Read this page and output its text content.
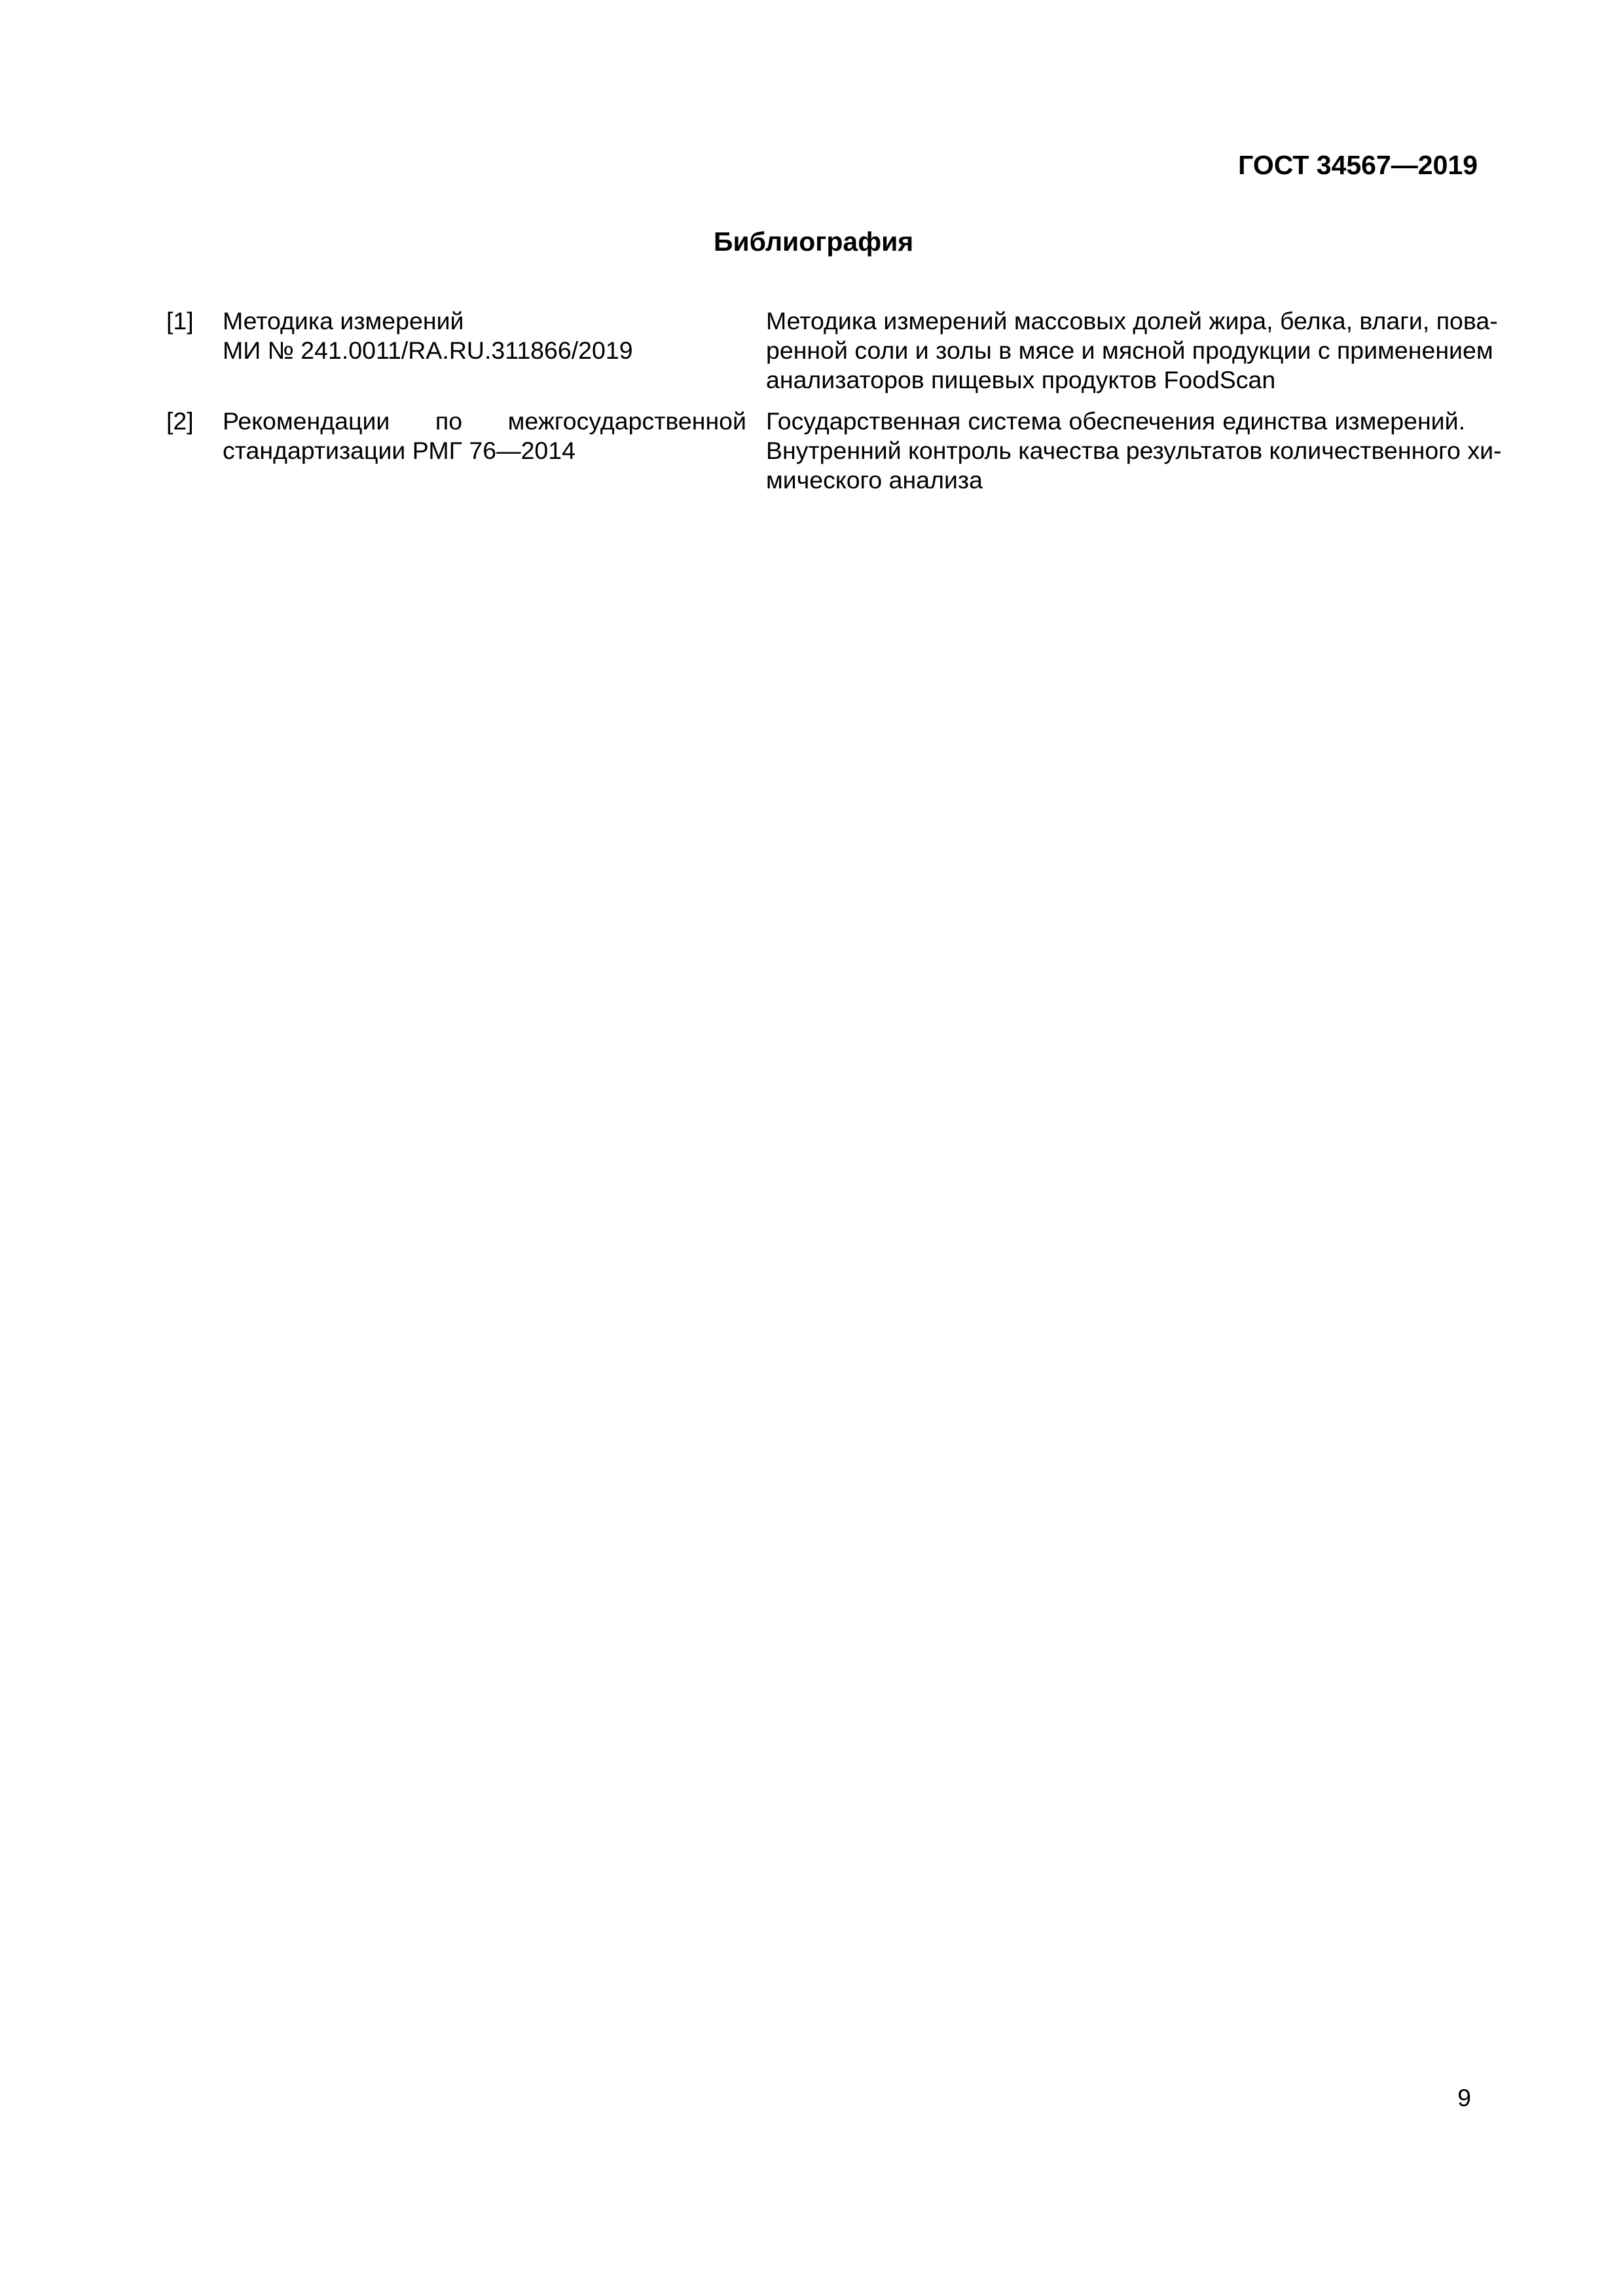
ГОСТ 34567—2019
Библиография
[1]	Методика измерений
МИ № 241.0011/RA.RU.311866/2019
Методика измерений массовых долей жира, белка, влаги, пова-
ренной соли и золы в мясе и мясной продукции с применением
анализаторов пищевых продуктов FoodScan
[2]	Рекомендации по межгосударственной
стандартизации РМГ 76—2014
Государственная система обеспечения единства измерений.
Внутренний контроль качества результатов количественного хи-
мического анализа
9
